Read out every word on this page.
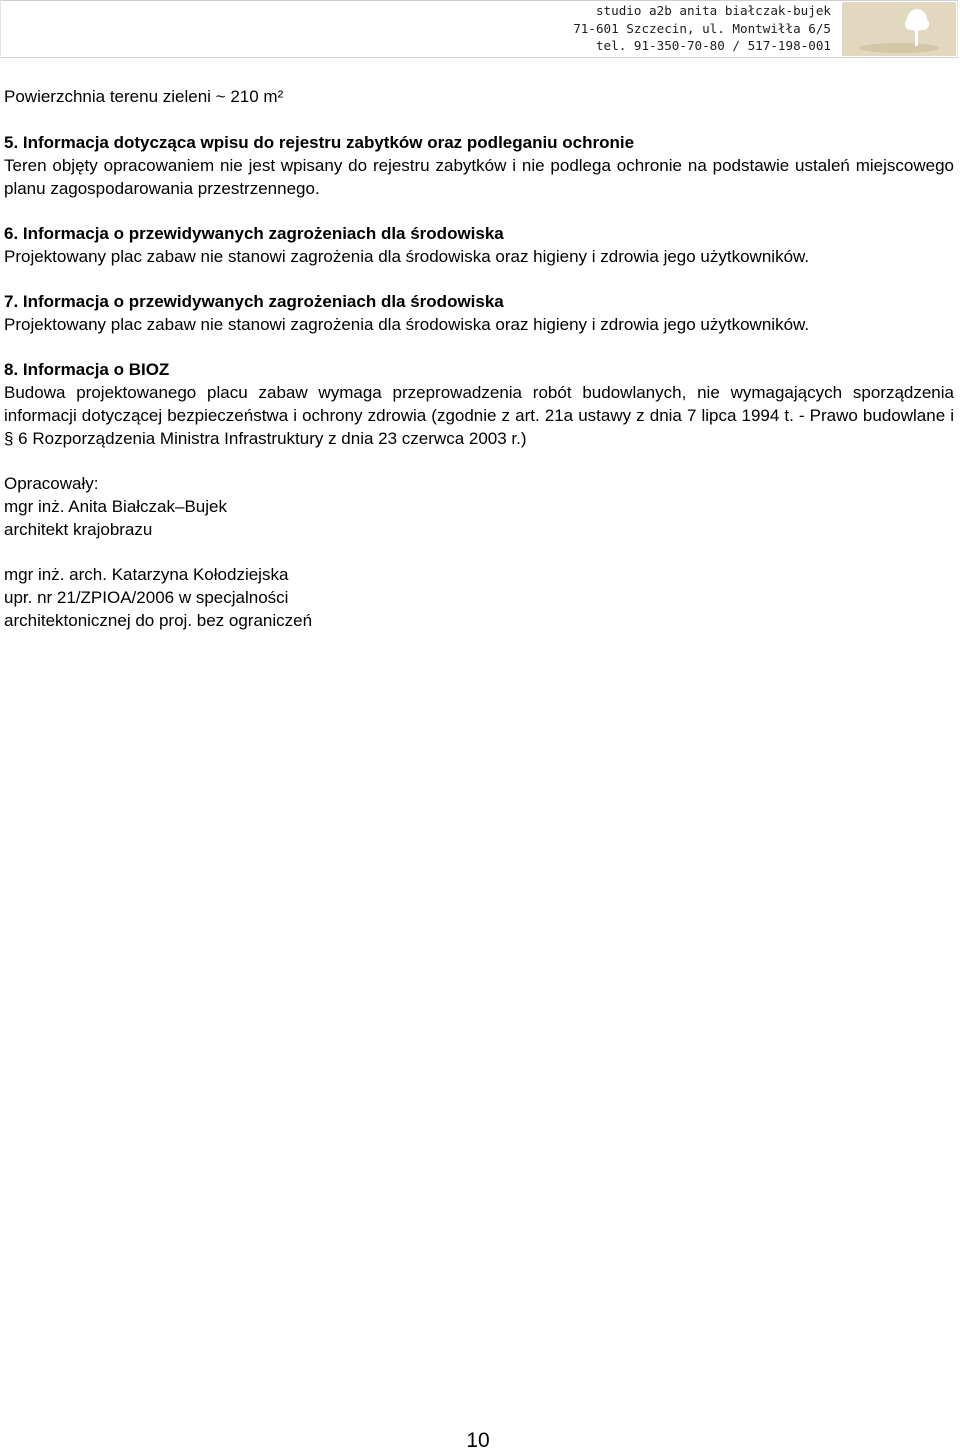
studio a2b anita białczak-bujek
71-601 Szczecin, ul. Montwiłła 6/5
tel. 91-350-70-80 / 517-198-001

Powierzchnia terenu zieleni ~ 210 m²

5. Informacja dotycząca wpisu do rejestru zabytków oraz podleganiu ochronie

Teren objęty opracowaniem nie jest wpisany do rejestru zabytków i nie podlega ochronie na podstawie ustaleń miejscowego planu zagospodarowania przestrzennego.

6. Informacja o przewidywanych zagrożeniach dla środowiska

Projektowany plac zabaw nie stanowi zagrożenia dla środowiska oraz higieny i zdrowia jego użytkowników.

7. Informacja o przewidywanych zagrożeniach dla środowiska

Projektowany plac zabaw nie stanowi zagrożenia dla środowiska oraz higieny i zdrowia jego użytkowników.

8. Informacja o BIOZ

Budowa projektowanego placu zabaw wymaga przeprowadzenia robót budowlanych, nie wymagających sporządzenia informacji dotyczącej bezpieczeństwa i ochrony zdrowia (zgodnie z art. 21a ustawy z dnia 7 lipca 1994 t. - Prawo budowlane i § 6 Rozporządzenia Ministra Infrastruktury z dnia 23 czerwca 2003 r.)

Opracowały:

mgr inż. Anita Białczak–Bujek

architekt krajobrazu

mgr inż. arch. Katarzyna Kołodziejska

upr. nr 21/ZPIOA/2006 w specjalności

architektonicznej do proj. bez ograniczeń

10
